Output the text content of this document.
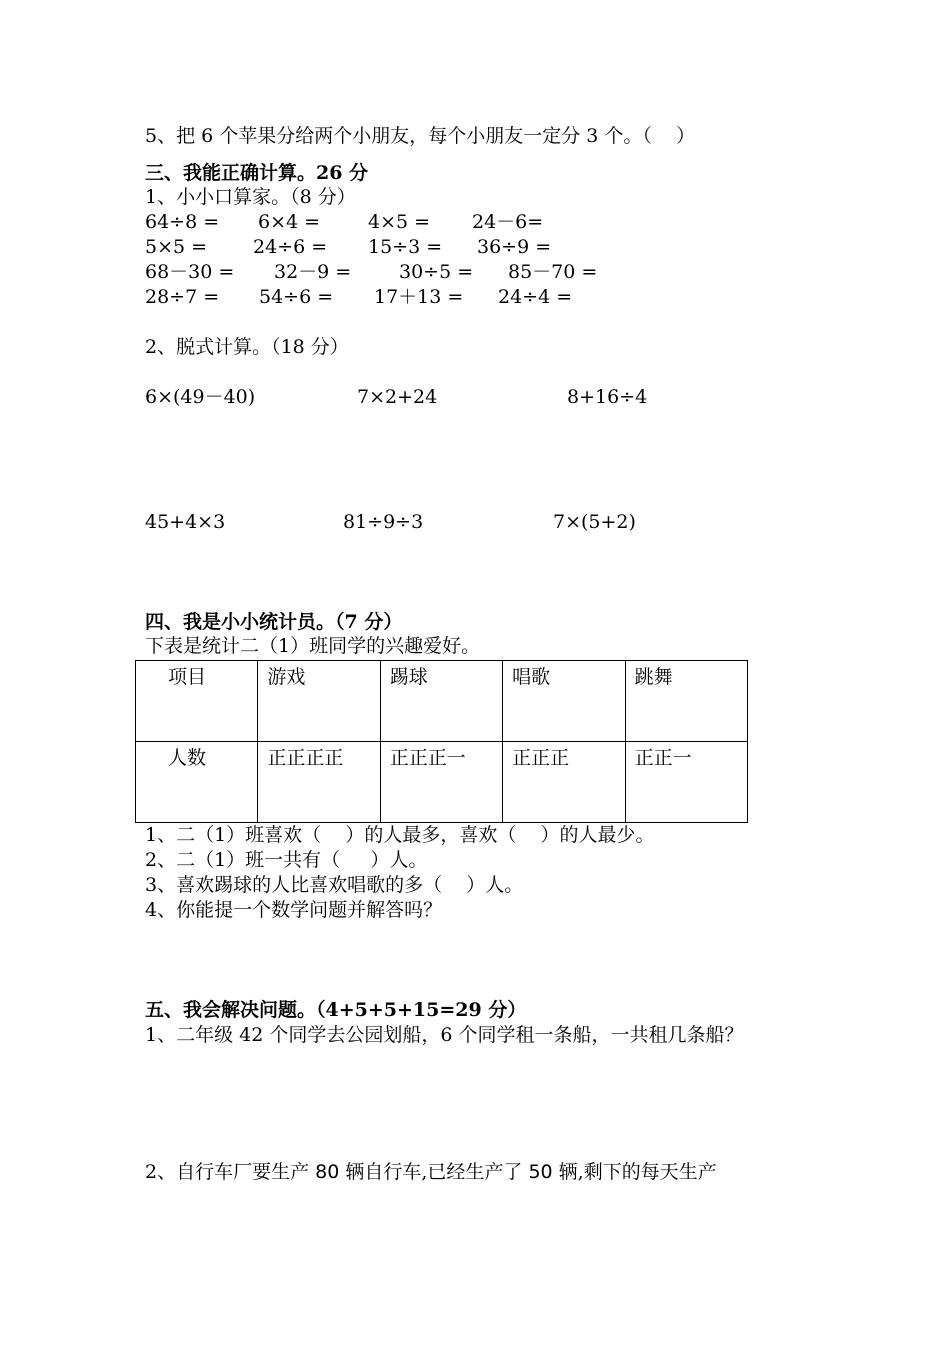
5、把 6 个苹果分给两个小朋友，每个小朋友一定分 3 个。（    ）
三、我能正确计算。26 分
1、小小口算家。（8 分）
64÷8 = 6×4 =	4×5 = 24－6=
5×5 = 24÷6 = 15÷3 = 36÷9 =
68－30 = 32－9 =	30÷5 = 85－70 =
28÷7 = 54÷6 = 17＋13 = 24÷4 =
2、脱式计算。（18 分）
6×(49－40)	7×2+24	8+16÷4
45+4×3	81÷9÷3	7×(5+2)
四、我是小小统计员。（7 分）
下表是统计二（1）班同学的兴趣爱好。
项目	游戏	踢球	唱歌	跳舞

人数	正正正正	正正正一	正正正	正正一
1、二（1）班喜欢（    ）的人最多，喜欢（    ）的人最少。
2、二（1）班一共有（     ）人。
3、喜欢踢球的人比喜欢唱歌的多（    ）人。
4、你能提一个数学问题并解答吗？
五、我会解决问题。（4+5+5+15=29 分）
1、二年级 42 个同学去公园划船，6 个同学租一条船，一共租几条船？
2、自行车厂要生产 80 辆自行车,已经生产了 50 辆,剩下的每天生产
